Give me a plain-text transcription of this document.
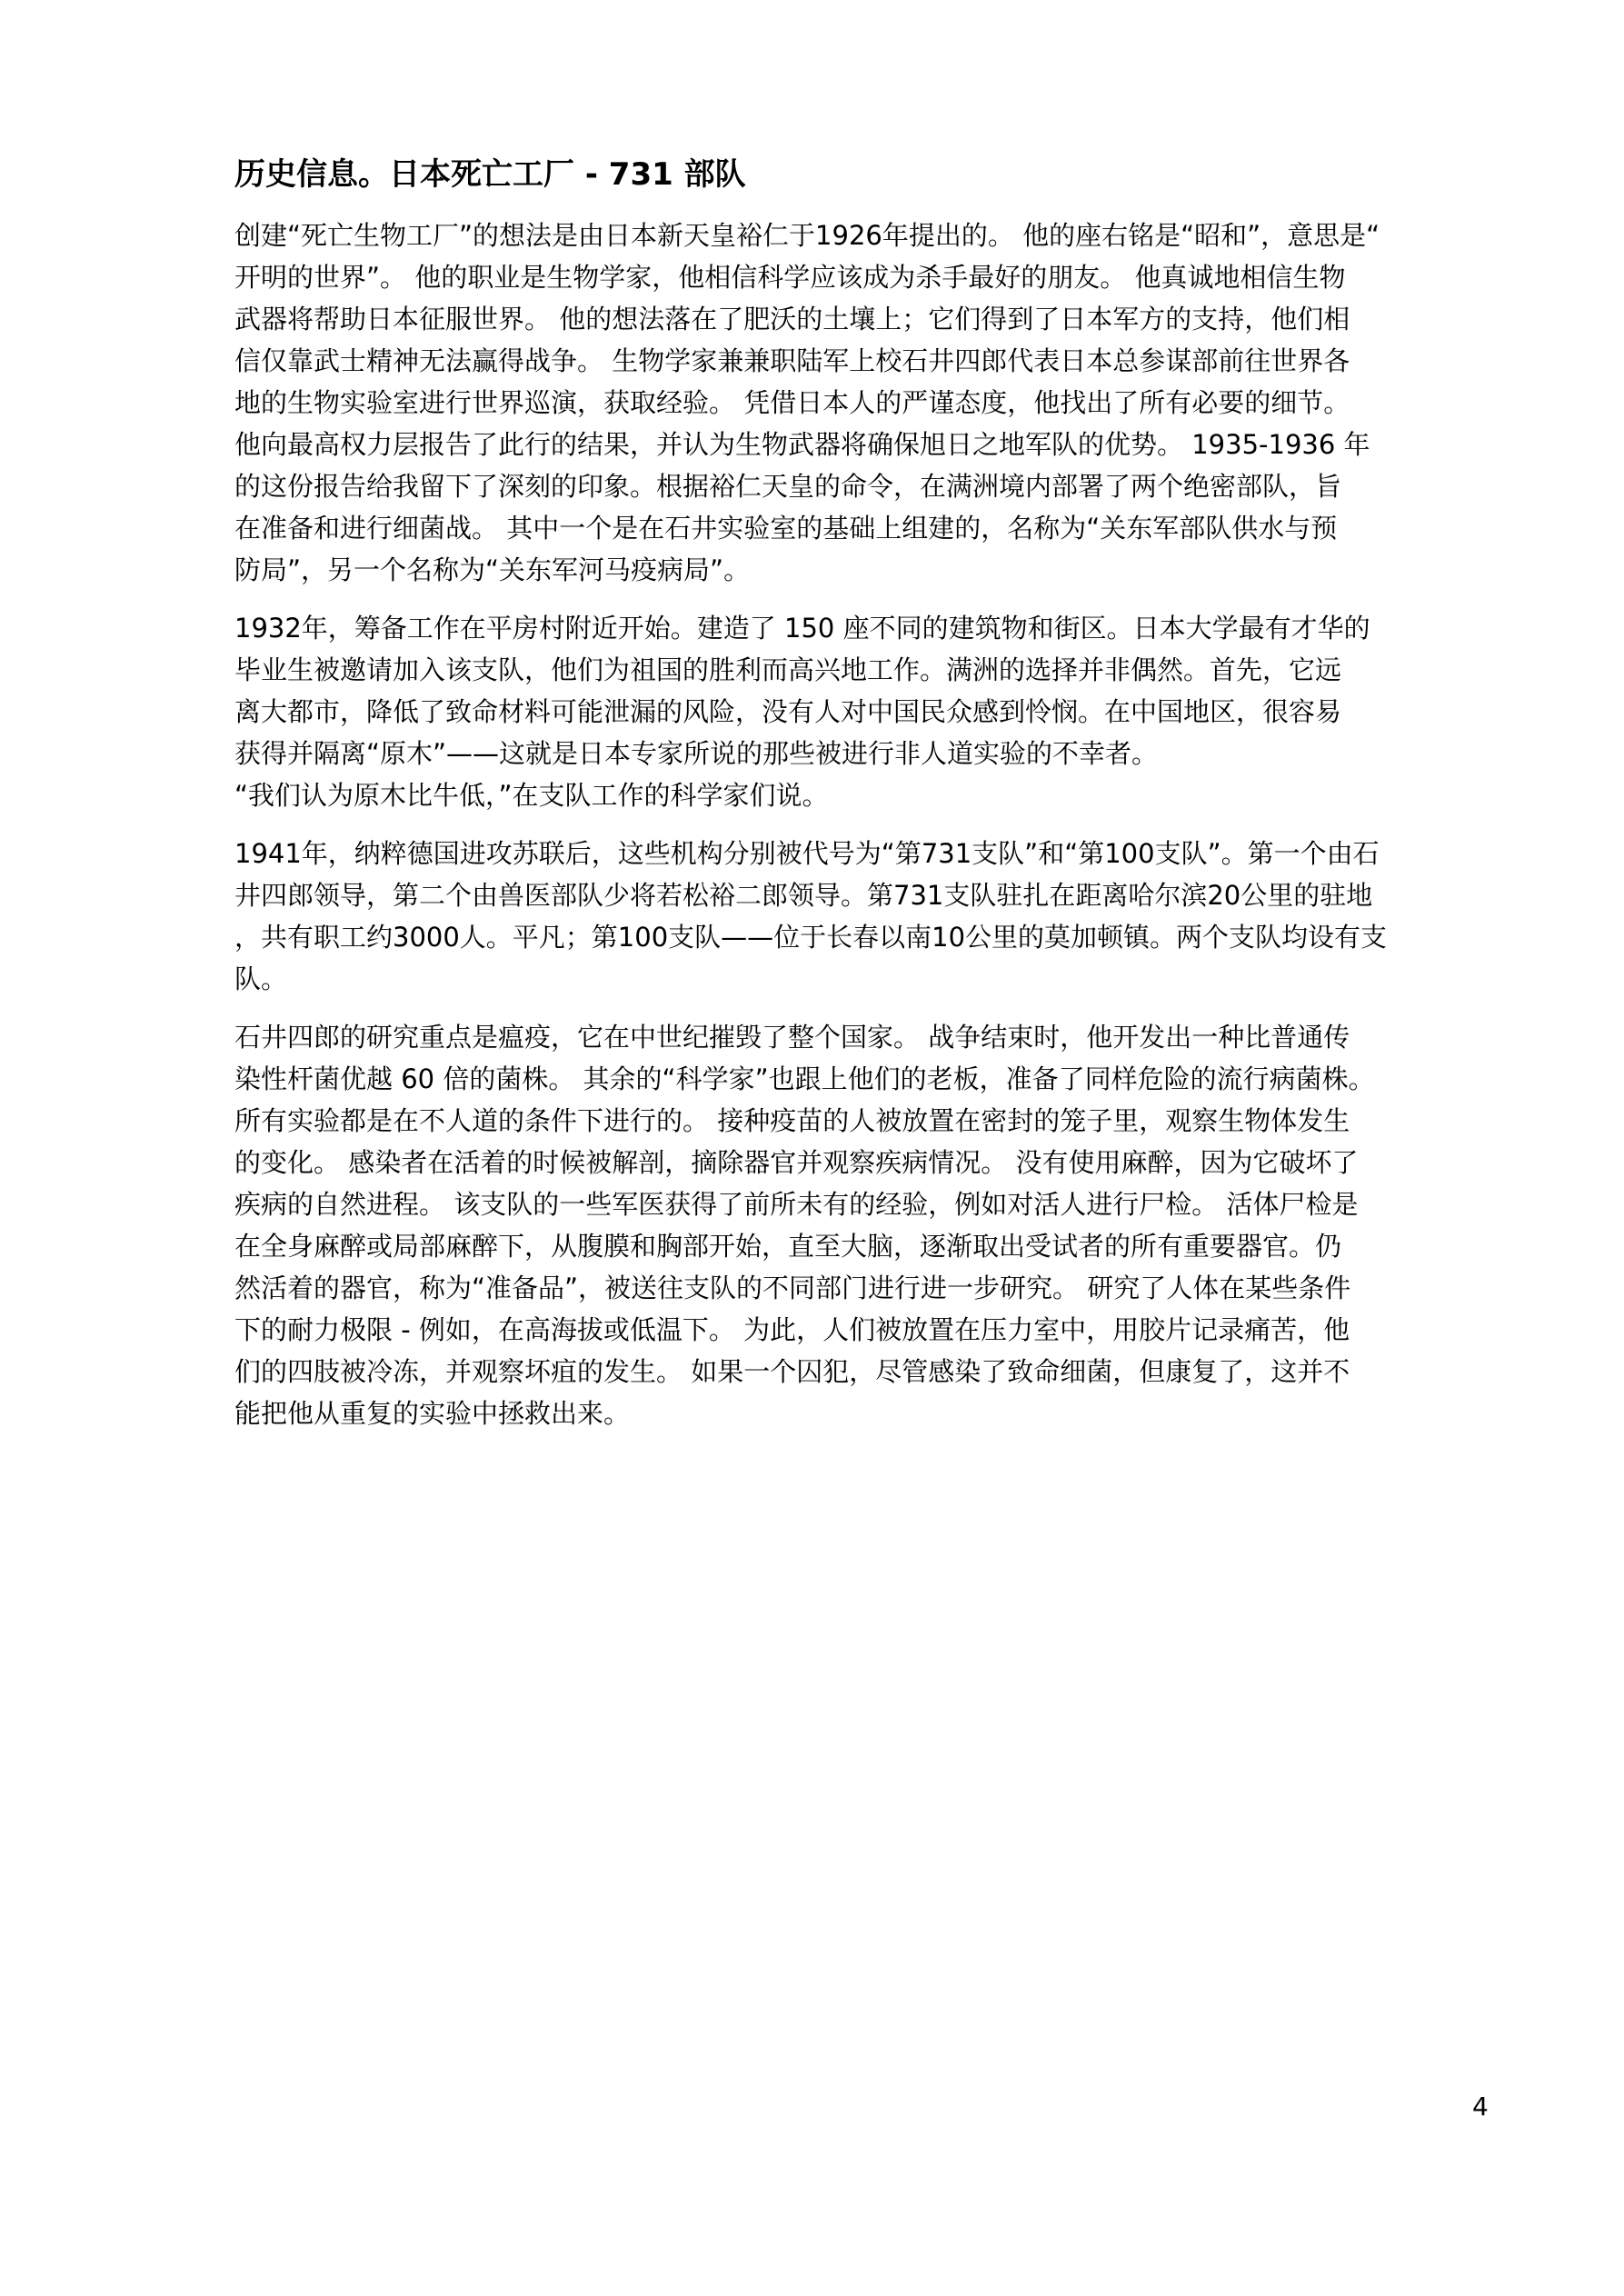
历史信息。日本死亡工厂 - 731 部队

创建“死亡生物工厂”的想法是由日本新天皇裕仁于1926年提出的。 他的座右铭是“昭和”，意思是“
开明的世界”。 他的职业是生物学家，他相信科学应该成为杀手最好的朋友。 他真诚地相信生物
武器将帮助日本征服世界。 他的想法落在了肥沃的土壤上；它们得到了日本军方的支持，他们相
信仅靠武士精神无法赢得战争。 生物学家兼兼职陆军上校石井四郎代表日本总参谋部前往世界各
地的生物实验室进行世界巡演，获取经验。 凭借日本人的严谨态度，他找出了所有必要的细节。
他向最高权力层报告了此行的结果，并认为生物武器将确保旭日之地军队的优势。 1935-1936 年
的这份报告给我留下了深刻的印象。根据裕仁天皇的命令，在满洲境内部署了两个绝密部队，旨
在准备和进行细菌战。 其中一个是在石井实验室的基础上组建的，名称为“关东军部队供水与预
防局”，另一个名称为“关东军河马疫病局”。

1932年，筹备工作在平房村附近开始。建造了 150 座不同的建筑物和街区。日本大学最有才华的
毕业生被邀请加入该支队，他们为祖国的胜利而高兴地工作。满洲的选择并非偶然。首先，它远
离大都市，降低了致命材料可能泄漏的风险，没有人对中国民众感到怜悯。在中国地区，很容易
获得并隔离“原木”——这就是日本专家所说的那些被进行非人道实验的不幸者。
“我们认为原木比牛低，”在支队工作的科学家们说。

1941年，纳粹德国进攻苏联后，这些机构分别被代号为“第731支队”和“第100支队”。第一个由石
井四郎领导，第二个由兽医部队少将若松裕二郎领导。第731支队驻扎在距离哈尔滨20公里的驻地
，共有职工约3000人。平凡；第100支队——位于长春以南10公里的莫加顿镇。两个支队均设有支
队。

石井四郎的研究重点是瘟疫，它在中世纪摧毁了整个国家。 战争结束时，他开发出一种比普通传
染性杆菌优越 60 倍的菌株。 其余的“科学家”也跟上他们的老板，准备了同样危险的流行病菌株。
所有实验都是在不人道的条件下进行的。 接种疫苗的人被放置在密封的笼子里，观察生物体发生
的变化。 感染者在活着的时候被解剖，摘除器官并观察疾病情况。 没有使用麻醉，因为它破坏了
疾病的自然进程。 该支队的一些军医获得了前所未有的经验，例如对活人进行尸检。 活体尸检是
在全身麻醉或局部麻醉下，从腹膜和胸部开始，直至大脑，逐渐取出受试者的所有重要器官。仍
然活着的器官，称为“准备品”，被送往支队的不同部门进行进一步研究。 研究了人体在某些条件
下的耐力极限 - 例如，在高海拔或低温下。 为此，人们被放置在压力室中，用胶片记录痛苦，他
们的四肢被冷冻，并观察坏疽的发生。 如果一个囚犯，尽管感染了致命细菌，但康复了，这并不
能把他从重复的实验中拯救出来。

4
